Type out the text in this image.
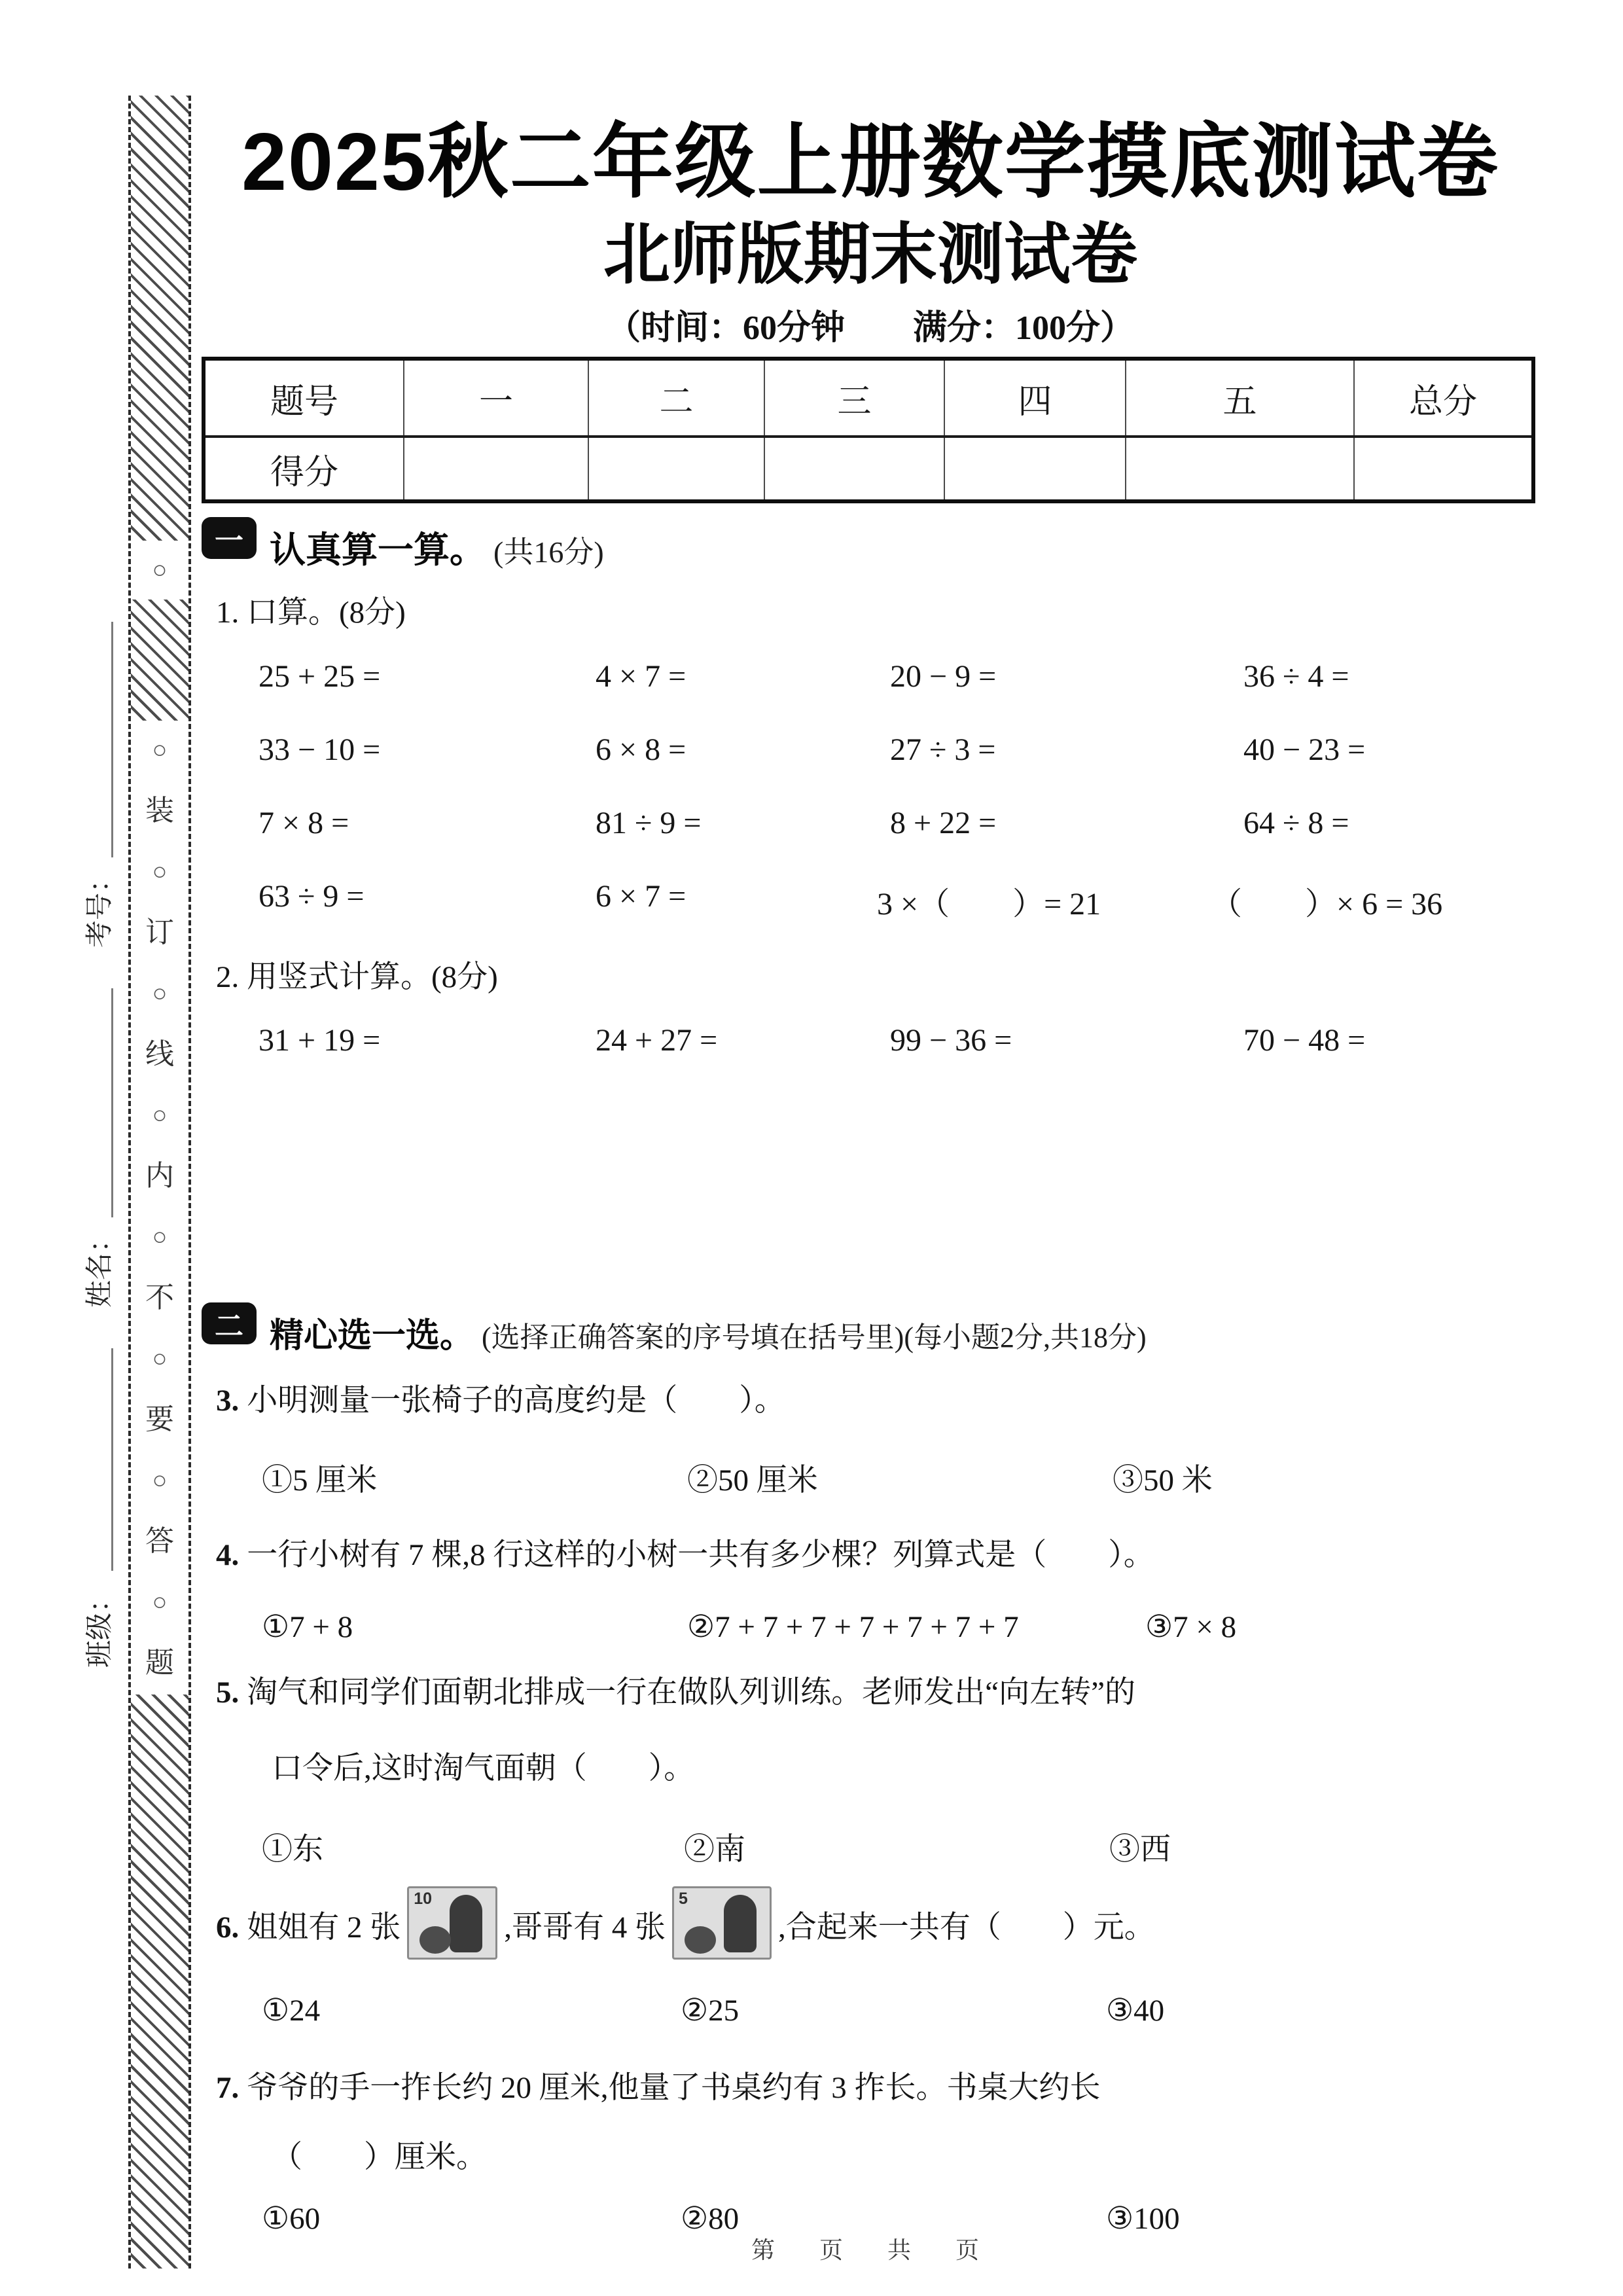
○
○
装
○
订
○
线
○
内
○
不
○
要
○
答
○
题
考号：
姓名：
班级：
2025秋二年级上册数学摸底测试卷
北师版期末测试卷
（时间：60分钟　　满分：100分）
题号	一	二	三	四	五	总分
得分						
一 认真算一算。 (共16分)
1. 口算。(8分)
25 + 25 =	4 × 7 =	20 − 9 =	36 ÷ 4 =
33 − 10 =	6 × 8 =	27 ÷ 3 =	40 − 23 =
7 × 8 =	81 ÷ 9 =	8 + 22 =	64 ÷ 8 =
63 ÷ 9 =	6 × 7 =	3 ×（　　）= 21	（　　）× 6 = 36
2. 用竖式计算。(8分)
31 + 19 =	24 + 27 =	99 − 36 =	70 − 48 =
二 精心选一选。 (选择正确答案的序号填在括号里)(每小题2分,共18分)
3. 小明测量一张椅子的高度约是（　　）。
①5 厘米	②50 厘米	③50 米
4. 一行小树有 7 棵,8 行这样的小树一共有多少棵？列算式是（　　）。
①7 + 8	②7 + 7 + 7 + 7 + 7 + 7 + 7	③7 × 8
5. 淘气和同学们面朝北排成一行在做队列训练。老师发出“向左转”的
口令后,这时淘气面朝（　　）。
①东	②南	③西
6. 姐姐有 2 张
10
,哥哥有 4 张
5
,合起来一共有（　　）元。
①24	②25	③40
7. 爷爷的手一拃长约 20 厘米,他量了书桌约有 3 拃长。书桌大约长
（　　）厘米。
①60	②80	③100
第　页　共　页
